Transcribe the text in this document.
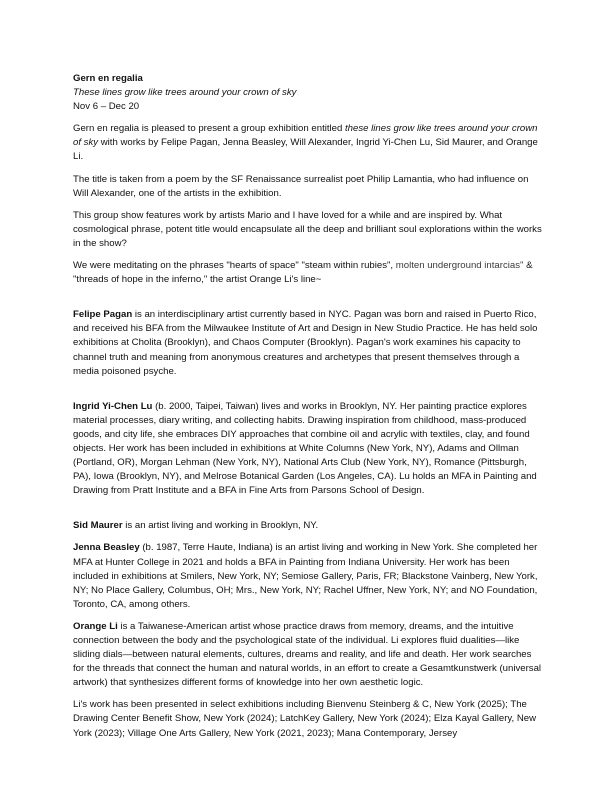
Gern en regalia

These lines grow like trees around your crown of sky

Nov 6 – Dec 20

Gern en regalia is pleased to present a group exhibition entitled these lines grow like trees around your crown of sky with works by Felipe Pagan, Jenna Beasley, Will Alexander, Ingrid Yi-Chen Lu, Sid Maurer, and Orange Li.

The title is taken from a poem by the SF Renaissance surrealist poet Philip Lamantia, who had influence on Will Alexander, one of the artists in the exhibition.

This group show features work by artists Mario and I have loved for a while and are inspired by. What cosmological phrase, potent title would encapsulate all the deep and brilliant soul explorations within the works in the show?

We were meditating on the phrases "hearts of space" "steam within rubies", molten underground intarcias" & "threads of hope in the inferno," the artist Orange Li's line~

Felipe Pagan is an interdisciplinary artist currently based in NYC. Pagan was born and raised in Puerto Rico, and received his BFA from the Milwaukee Institute of Art and Design in New Studio Practice. He has held solo exhibitions at Cholita (Brooklyn), and Chaos Computer (Brooklyn). Pagan's work examines his capacity to channel truth and meaning from anonymous creatures and archetypes that present themselves through a media poisoned psyche.

Ingrid Yi-Chen Lu (b. 2000, Taipei, Taiwan) lives and works in Brooklyn, NY. Her painting practice explores material processes, diary writing, and collecting habits. Drawing inspiration from childhood, mass-produced goods, and city life, she embraces DIY approaches that combine oil and acrylic with textiles, clay, and found objects. Her work has been included in exhibitions at White Columns (New York, NY), Adams and Ollman (Portland, OR), Morgan Lehman (New York, NY), National Arts Club (New York, NY), Romance (Pittsburgh, PA), Iowa (Brooklyn, NY), and Melrose Botanical Garden (Los Angeles, CA). Lu holds an MFA in Painting and Drawing from Pratt Institute and a BFA in Fine Arts from Parsons School of Design.

Sid Maurer is an artist living and working in Brooklyn, NY.

Jenna Beasley (b. 1987, Terre Haute, Indiana) is an artist living and working in New York. She completed her MFA at Hunter College in 2021 and holds a BFA in Painting from Indiana University. Her work has been included in exhibitions at Smilers, New York, NY; Semiose Gallery, Paris, FR; Blackstone Vainberg, New York, NY; No Place Gallery, Columbus, OH; Mrs., New York, NY; Rachel Uffner, New York, NY; and NO Foundation, Toronto, CA, among others.

Orange Li is a Taiwanese-American artist whose practice draws from memory, dreams, and the intuitive connection between the body and the psychological state of the individual. Li explores fluid dualities—like sliding dials—between natural elements, cultures, dreams and reality, and life and death. Her work searches for the threads that connect the human and natural worlds, in an effort to create a Gesamtkunstwerk (universal artwork) that synthesizes different forms of knowledge into her own aesthetic logic.

Li's work has been presented in select exhibitions including Bienvenu Steinberg & C, New York (2025); The Drawing Center Benefit Show, New York (2024); LatchKey Gallery, New York (2024); Elza Kayal Gallery, New York (2023); Village One Arts Gallery, New York (2021, 2023); Mana Contemporary, Jersey
